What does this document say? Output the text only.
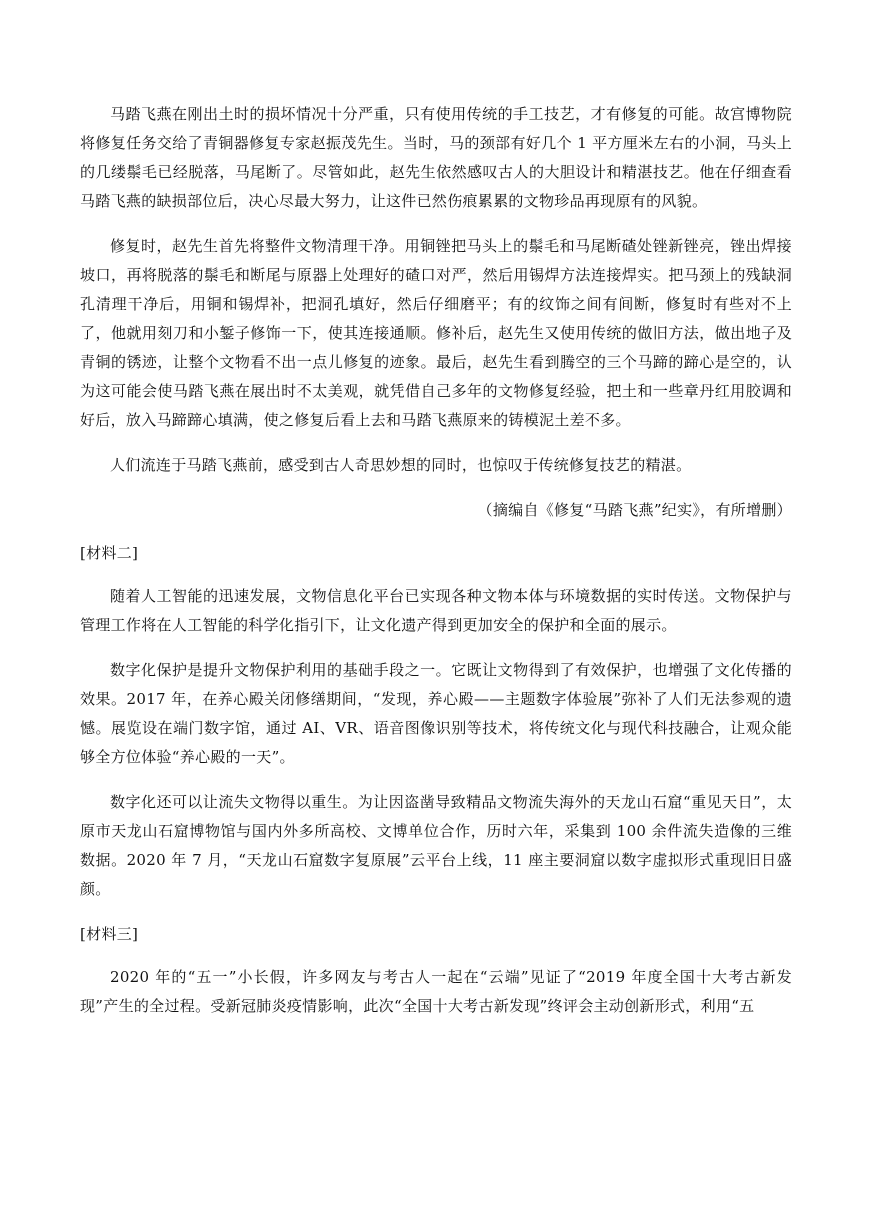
马踏飞燕在刚出土时的损坏情况十分严重，只有使用传统的手工技艺，才有修复的可能。故宫博物院将修复任务交给了青铜器修复专家赵振茂先生。当时，马的颈部有好几个 1 平方厘米左右的小洞，马头上的几缕鬃毛已经脱落，马尾断了。尽管如此，赵先生依然感叹古人的大胆设计和精湛技艺。他在仔细查看马踏飞燕的缺损部位后，决心尽最大努力，让这件已然伤痕累累的文物珍品再现原有的风貌。

修复时，赵先生首先将整件文物清理干净。用铜锉把马头上的鬃毛和马尾断碴处锉新锉亮，锉出焊接坡口，再将脱落的鬃毛和断尾与原器上处理好的碴口对严，然后用锡焊方法连接焊实。把马颈上的残缺洞孔清理干净后，用铜和锡焊补，把洞孔填好，然后仔细磨平；有的纹饰之间有间断，修复时有些对不上了，他就用刻刀和小錾子修饰一下，使其连接通顺。修补后，赵先生又使用传统的做旧方法，做出地子及青铜的锈迹，让整个文物看不出一点儿修复的迹象。最后，赵先生看到腾空的三个马蹄的蹄心是空的，认为这可能会使马踏飞燕在展出时不太美观，就凭借自己多年的文物修复经验，把土和一些章丹红用胶调和好后，放入马蹄蹄心填满，使之修复后看上去和马踏飞燕原来的铸模泥土差不多。

人们流连于马踏飞燕前，感受到古人奇思妙想的同时，也惊叹于传统修复技艺的精湛。

（摘编自《修复“马踏飞燕”纪实》，有所增删）

[材料二]

随着人工智能的迅速发展，文物信息化平台已实现各种文物本体与环境数据的实时传送。文物保护与管理工作将在人工智能的科学化指引下，让文化遗产得到更加安全的保护和全面的展示。

数字化保护是提升文物保护利用的基础手段之一。它既让文物得到了有效保护，也增强了文化传播的效果。2017 年，在养心殿关闭修缮期间，“发现，养心殿——主题数字体验展”弥补了人们无法参观的遗憾。展览设在端门数字馆，通过 AI、VR、语音图像识别等技术，将传统文化与现代科技融合，让观众能够全方位体验“养心殿的一天”。

数字化还可以让流失文物得以重生。为让因盗凿导致精品文物流失海外的天龙山石窟“重见天日”，太原市天龙山石窟博物馆与国内外多所高校、文博单位合作，历时六年，采集到 100 余件流失造像的三维数据。2020 年 7 月，“天龙山石窟数字复原展”云平台上线，11 座主要洞窟以数字虚拟形式重现旧日盛颜。

[材料三]

2020 年的“五一”小长假，许多网友与考古人一起在“云端”见证了“2019 年度全国十大考古新发现”产生的全过程。受新冠肺炎疫情影响，此次“全国十大考古新发现”终评会主动创新形式，利用“五
